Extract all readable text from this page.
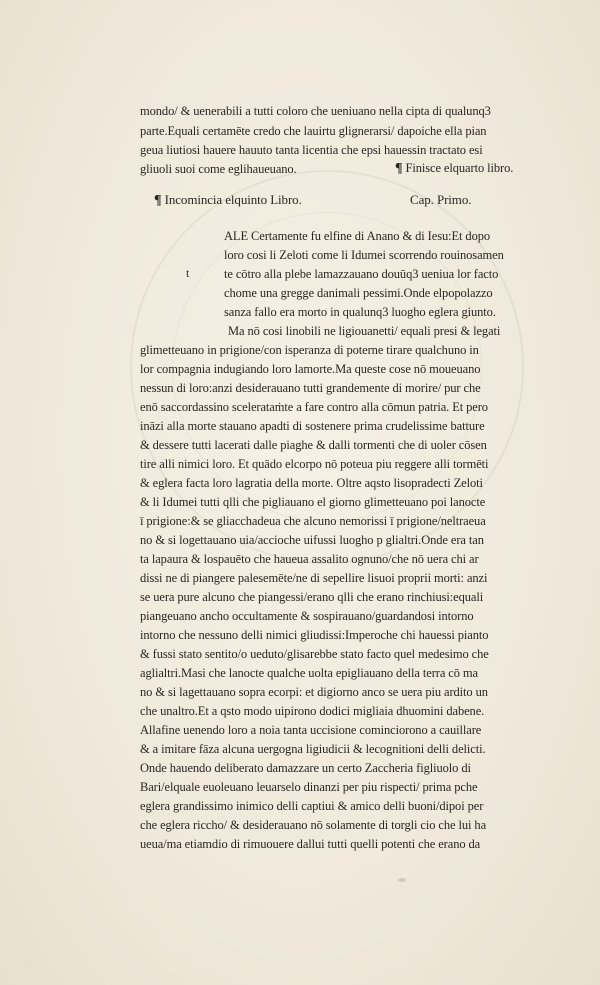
mondo/ & uenerabili a tutti coloro che ueniuano nella cipta di qualunq3
parte.Equali certamēte credo che lauirtu glignerarsi/ dapoiche ella pian
geua liutiosi hauere hauuto tanta licentia che epsi hauessin tractato esi
gliuoli suoi come eglihaueuano.	¶ Finisce elquarto libro.
¶ Incomincia elquinto Libro.	Cap. Primo.
t
ALE Certamente fu elfine di Anano & di Iesu:Et dopo
loro cosi li Zeloti come li Idumei scorrendo rouinosamen
te cōtro alla plebe lamazzauano douūq3 ueniua lor facto
chome una gregge danimali pessimi.Onde elpopolazzo
sanza fallo era morto in qualunq3 luogho eglera giunto.
Ma nō cosi linobili ne ligiouanetti/ equali presi & legati
glimetteuano in prigione/con isperanza di poterne tirare qualchuno in
lor compagnia indugiando loro lamorte.Ma queste cose nō moueuano
nessun di loro:anzi desiderauano tutti grandemente di morire/ pur che
enō saccordassino scelerataṁte a fare contro alla cōmun patria. Et pero
ināzi alla morte stauano apadti di sostenere prima crudelissime batture
& dessere tutti lacerati dalle piaghe & dalli tormenti che di uoler cōsen
tire alli nimici loro. Et quādo elcorpo nō poteua piu reggere alli tormēti
& eglera facta loro lagratia della morte. Oltre aqsto lisopradecti Zeloti
& li Idumei tutti qlli che pigliauano el giorno glimetteuano poi lanocte
ī prigione:& se gliacchadeua che alcuno nemorissi ī prigione/neltraeua
no & si logettauano uia/accioche uifussi luogho p glialtri.Onde era tan
ta lapaura & lospauēto che haueua assalito ognuno/che nō uera chi ar
dissi ne di piangere palesemēte/ne di sepellire lisuoi proprii morti: anzi
se uera pure alcuno che piangessi/erano qlli che erano rinchiusi:equali
piangeuano ancho occultamente & sospirauano/guardandosi intorno
intorno che nessuno delli nimici gliudissi:Imperoche chi hauessi pianto
& fussi stato sentito/o ueduto/glisarebbe stato facto quel medesimo che
aglialtri.Masi che lanocte qualche uolta epigliauano della terra cō ma
no & si lagettauano sopra ecorpi: et digiorno anco se uera piu ardito un
che unaltro.Et a qsto modo uipirono dodici migliaia dhuomini dabene.
Allafine uenendo loro a noia tanta uccisione cominciorono a cauillare
& a imitare fāza alcuna uergogna ligiudicii & lecognitioni delli delicti.
Onde hauendo deliberato damazzare un certo Zaccheria figliuolo di
Bari/elquale euoleuano leuarselo dinanzi per piu rispecti/ prima pche
eglera grandissimo inimico delli captiui & amico delli buoni/dipoi per
che eglera riccho/ & desiderauano nō solamente di torgli cio che lui ha
ueua/ma etiamdio di rimuouere dallui tutti quelli potenti che erano da
